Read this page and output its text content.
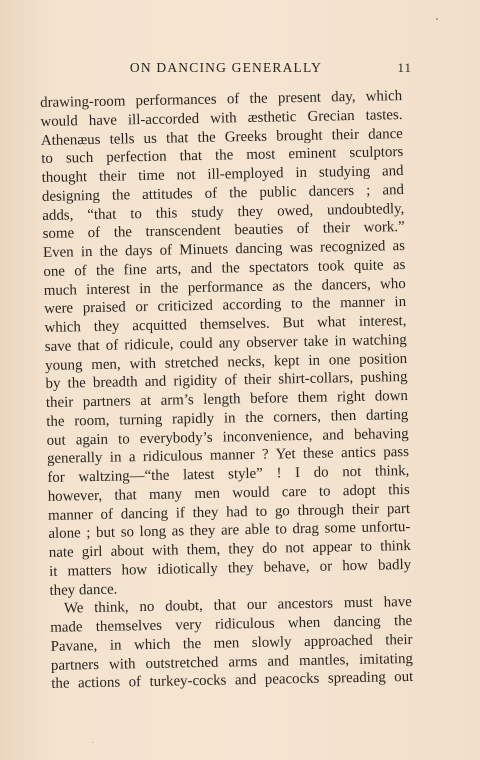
ON DANCING GENERALLY	11
drawing-room performances of the present day, which
would have ill-accorded with æsthetic Grecian tastes.
Athenæus tells us that the Greeks brought their dance
to such perfection that the most eminent sculptors
thought their time not ill-employed in studying and
designing the attitudes of the public dancers ; and
adds, “that to this study they owed, undoubtedly,
some of the transcendent beauties of their work.”
Even in the days of Minuets dancing was recognized as
one of the fine arts, and the spectators took quite as
much interest in the performance as the dancers, who
were praised or criticized according to the manner in
which they acquitted themselves. But what interest,
save that of ridicule, could any observer take in watching
young men, with stretched necks, kept in one position
by the breadth and rigidity of their shirt-collars, pushing
their partners at arm’s length before them right down
the room, turning rapidly in the corners, then darting
out again to everybody’s inconvenience, and behaving
generally in a ridiculous manner ? Yet these antics pass
for waltzing—“the latest style” ! I do not think,
however, that many men would care to adopt this
manner of dancing if they had to go through their part
alone ; but so long as they are able to drag some unfortu-
nate girl about with them, they do not appear to think
it matters how idiotically they behave, or how badly
they dance.
We think, no doubt, that our ancestors must have
made themselves very ridiculous when dancing the
Pavane, in which the men slowly approached their
partners with outstretched arms and mantles, imitating
the actions of turkey-cocks and peacocks spreading out
